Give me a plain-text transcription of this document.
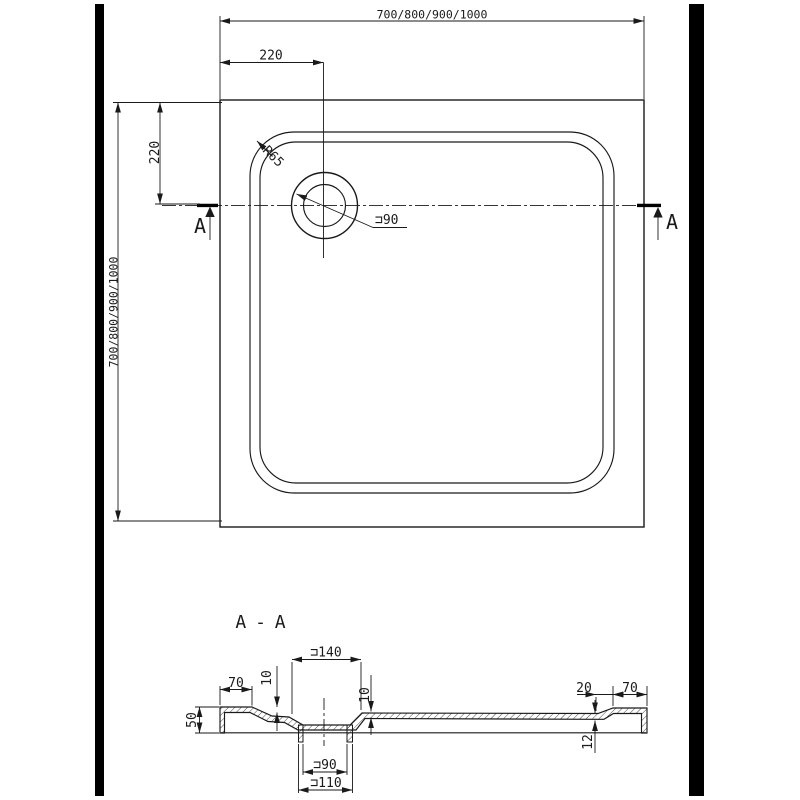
A	A
700/800/900/1000
220
700/800/900/1000
220	R65
⊐90
A - A
⊐140
10
10
70
50
20 70
12
⊐90
⊐110
